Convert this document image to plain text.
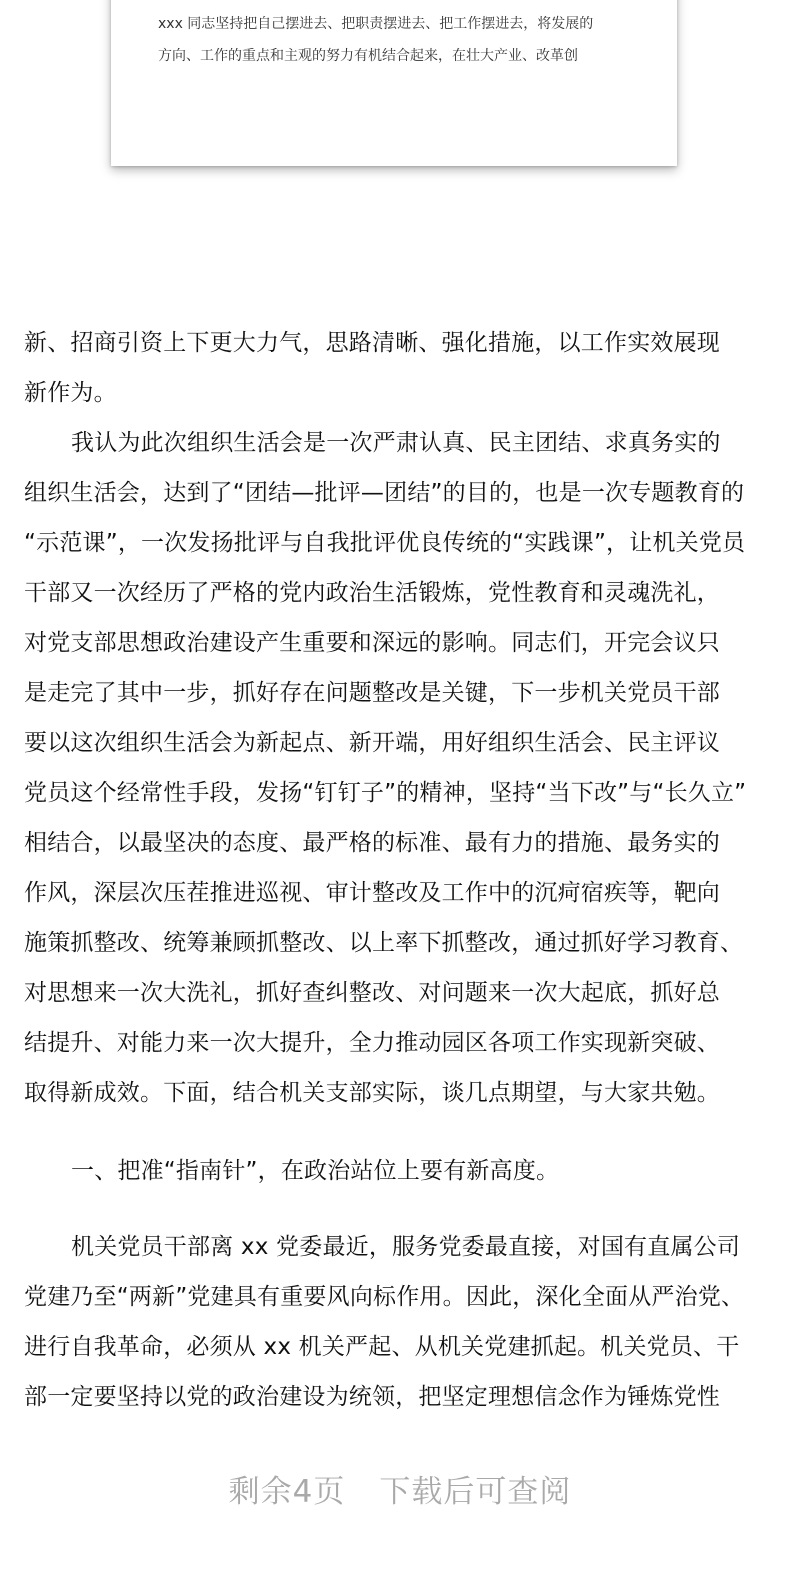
xxx 同志坚持把自己摆进去、把职责摆进去、把工作摆进去，将发展的
方向、工作的重点和主观的努力有机结合起来，在壮大产业、改革创
新、招商引资上下更大力气，思路清晰、强化措施，以工作实效展现
新作为。
我认为此次组织生活会是一次严肃认真、民主团结、求真务实的
组织生活会，达到了“团结—批评—团结”的目的，也是一次专题教育的
“示范课”，一次发扬批评与自我批评优良传统的“实践课”，让机关党员
干部又一次经历了严格的党内政治生活锻炼，党性教育和灵魂洗礼，
对党支部思想政治建设产生重要和深远的影响。同志们，开完会议只
是走完了其中一步，抓好存在问题整改是关键，下一步机关党员干部
要以这次组织生活会为新起点、新开端，用好组织生活会、民主评议
党员这个经常性手段，发扬“钉钉子”的精神，坚持“当下改”与“长久立”
相结合，以最坚决的态度、最严格的标准、最有力的措施、最务实的
作风，深层次压茬推进巡视、审计整改及工作中的沉疴宿疾等，靶向
施策抓整改、统筹兼顾抓整改、以上率下抓整改，通过抓好学习教育、
对思想来一次大洗礼，抓好查纠整改、对问题来一次大起底，抓好总
结提升、对能力来一次大提升，全力推动园区各项工作实现新突破、
取得新成效。下面，结合机关支部实际，谈几点期望，与大家共勉。
一、把准“指南针”，在政治站位上要有新高度。
机关党员干部离 xx 党委最近，服务党委最直接，对国有直属公司
党建乃至“两新”党建具有重要风向标作用。因此，深化全面从严治党、
进行自我革命，必须从 xx 机关严起、从机关党建抓起。机关党员、干
部一定要坚持以党的政治建设为统领，把坚定理想信念作为锤炼党性
剩余4页 下载后可查阅
